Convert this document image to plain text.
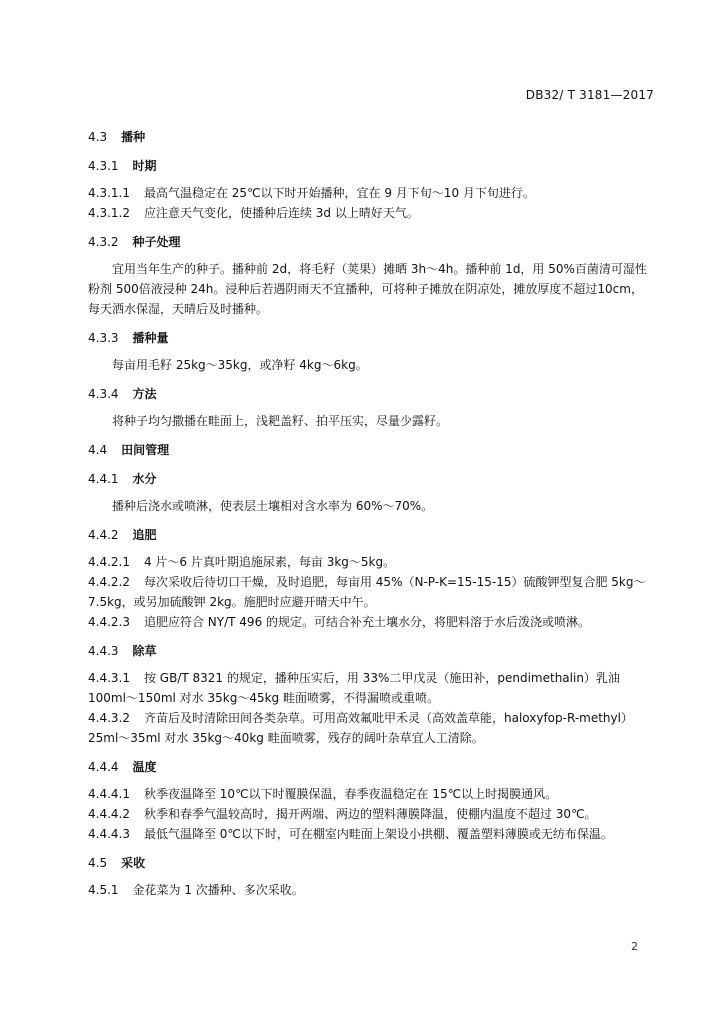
DB32/ T 3181—2017
4.3 播种
4.3.1 时期
4.3.1.1 最高气温稳定在 25℃以下时开始播种，宜在 9 月下旬～10 月下旬进行。
4.3.1.2 应注意天气变化，使播种后连续 3d 以上晴好天气。
4.3.2 种子处理
宜用当年生产的种子。播种前 2d，将毛籽（荚果）摊晒 3h～4h。播种前 1d，用 50%百菌清可湿性粉剂 500倍液浸种 24h。浸种后若遇阴雨天不宜播种，可将种子摊放在阴凉处，摊放厚度不超过10cm，每天洒水保湿，天晴后及时播种。
4.3.3 播种量
每亩用毛籽 25kg～35kg，或净籽 4kg～6kg。
4.3.4 方法
将种子均匀撒播在畦面上，浅耙盖籽、拍平压实，尽量少露籽。
4.4 田间管理
4.4.1 水分
播种后浇水或喷淋，使表层土壤相对含水率为 60%～70%。
4.4.2 追肥
4.4.2.1 4 片～6 片真叶期追施尿素，每亩 3kg～5kg。
4.4.2.2 每次采收后待切口干燥，及时追肥，每亩用 45%（N-P-K=15-15-15）硫酸钾型复合肥 5kg～7.5kg，或另加硫酸钾 2kg。施肥时应避开晴天中午。
4.4.2.3 追肥应符合 NY/T 496 的规定。可结合补充土壤水分，将肥料溶于水后泼浇或喷淋。
4.4.3 除草
4.4.3.1 按 GB/T 8321 的规定，播种压实后，用 33%二甲戊灵（施田补，pendimethalin）乳油 100ml～150ml 对水 35kg～45kg 畦面喷雾，不得漏喷或重喷。
4.4.3.2 齐苗后及时清除田间各类杂草。可用高效氟吡甲禾灵（高效盖草能，haloxyfop-R-methyl）25ml～35ml 对水 35kg～40kg 畦面喷雾，残存的阔叶杂草宜人工清除。
4.4.4 温度
4.4.4.1 秋季夜温降至 10℃以下时覆膜保温，春季夜温稳定在 15℃以上时揭膜通风。
4.4.4.2 秋季和春季气温较高时，揭开两端、两边的塑料薄膜降温，使棚内温度不超过 30℃。
4.4.4.3 最低气温降至 0℃以下时，可在棚室内畦面上架设小拱棚、覆盖塑料薄膜或无纺布保温。
4.5 采收
4.5.1 金花菜为 1 次播种、多次采收。
2
